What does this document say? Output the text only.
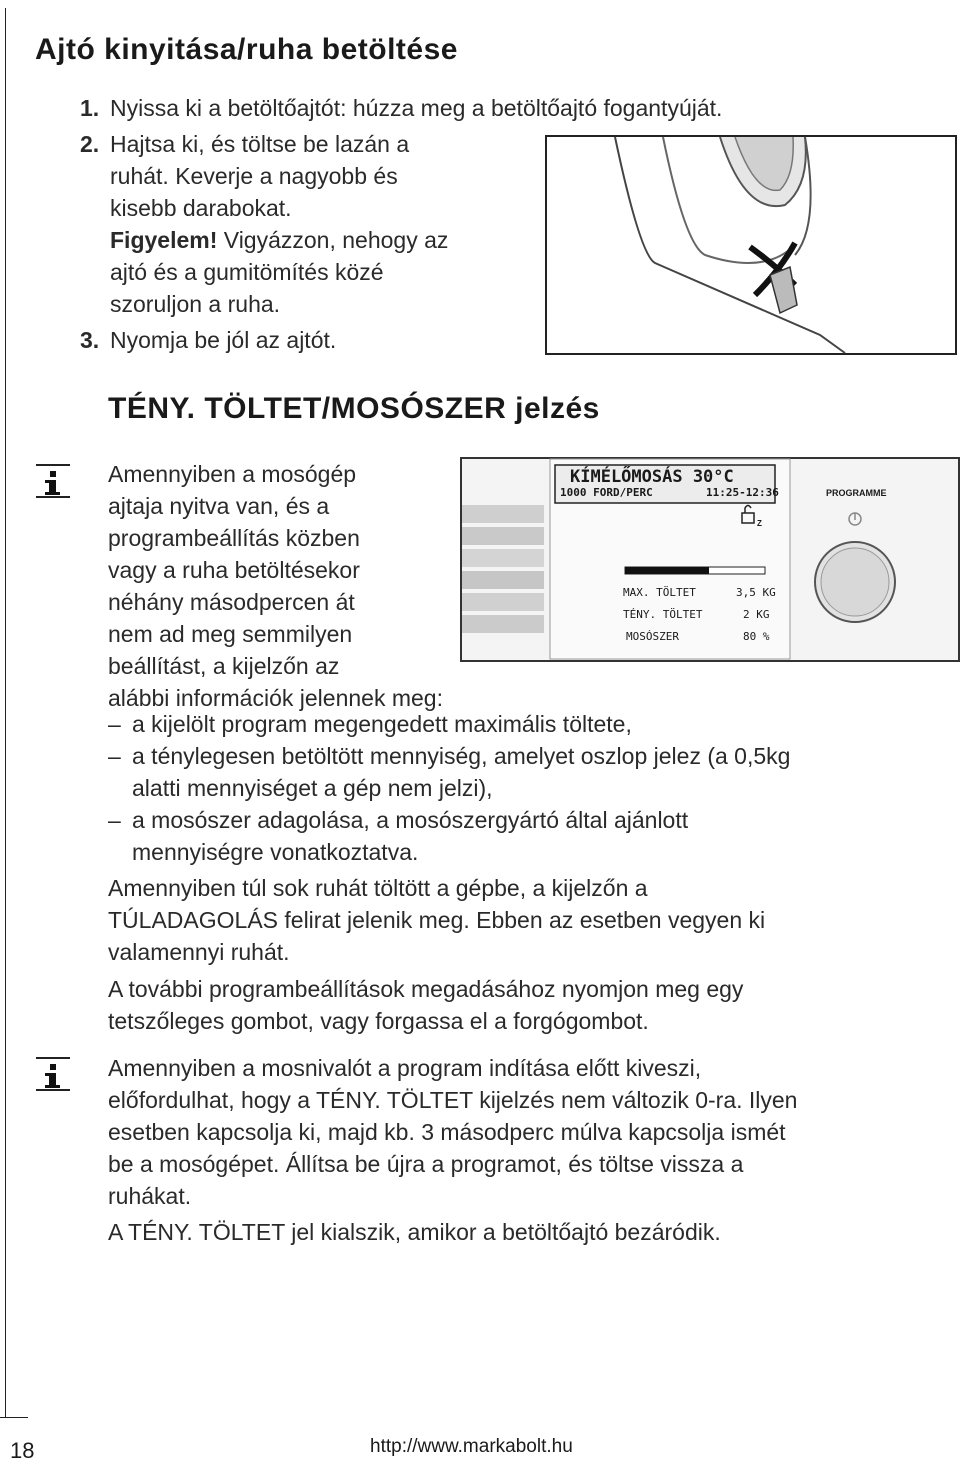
Ajtó kinyitása/ruha betöltése
1. Nyissa ki a betöltőajtót: húzza meg a betöltőajtó fogantyúját.
2. Hajtsa ki, és töltse be lazán a
ruhát. Keverje a nagyobb és
kisebb darabokat.
Figyelem! Vigyázzon, nehogy az
ajtó és a gumitömítés közé
szoruljon a ruha.
3. Nyomja be jól az ajtót.
TÉNY. TÖLTET/MOSÓSZER jelzés
Amennyiben a mosógép
ajtaja nyitva van, és a
programbeállítás közben
vagy a ruha betöltésekor
néhány másodpercen át
nem ad meg semmilyen
beállítást, a kijelzőn az
alábbi információk jelennek meg:
KÍMÉLŐMOSÁS 30°C
1000 FORD/PERC	11:25-12:36	PROGRAMME
Z
MAX. TÖLTET	3,5 KG
TÉNY. TÖLTET	2 KG
MOSÓSZER	80 %
– a kijelölt program megengedett maximális töltete,
– a ténylegesen betöltött mennyiség, amelyet oszlop jelez (a 0,5kg
alatti mennyiséget a gép nem jelzi),
– a mosószer adagolása, a mosószergyártó által ajánlott
mennyiségre vonatkoztatva.
Amennyiben túl sok ruhát töltött a gépbe, a kijelzőn a
TÚLADAGOLÁS felirat jelenik meg. Ebben az esetben vegyen ki
valamennyi ruhát.
A további programbeállítások megadásához nyomjon meg egy
tetszőleges gombot, vagy forgassa el a forgógombot.
Amennyiben a mosnivalót a program indítása előtt kiveszi,
előfordulhat, hogy a TÉNY. TÖLTET kijelzés nem változik 0-ra. Ilyen
esetben kapcsolja ki, majd kb. 3 másodperc múlva kapcsolja ismét
be a mosógépet. Állítsa be újra a programot, és töltse vissza a
ruhákat.
A TÉNY. TÖLTET jel kialszik, amikor a betöltőajtó bezáródik.
18	http://www.markabolt.hu
